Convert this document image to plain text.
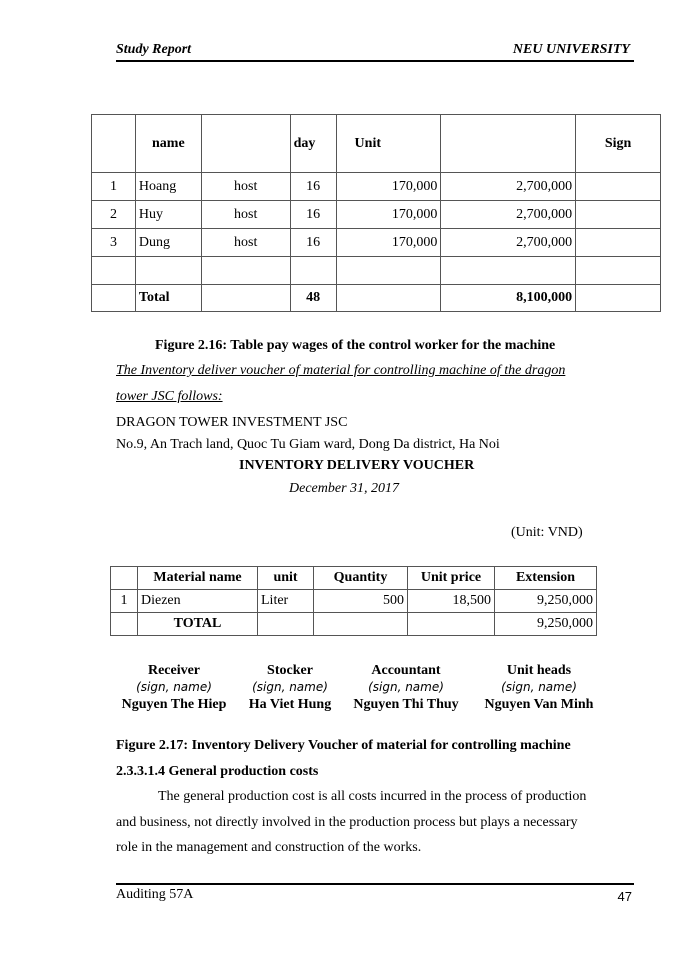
Study Report	NEU UNIVERSITY
	name		day	Unit		Sign
1	Hoang	host	16	170,000	2,700,000	
2	Huy	host	16	170,000	2,700,000	
3	Dung	host	16	170,000	2,700,000	

	Total		48		8,100,000	
Figure 2.16: Table pay wages of the control worker for the machine
The Inventory deliver voucher of material for controlling machine of the dragon
tower JSC follows:
DRAGON TOWER INVESTMENT JSC
No.9, An Trach land, Quoc Tu Giam ward, Dong Da district, Ha Noi
INVENTORY DELIVERY VOUCHER
December 31, 2017
(Unit: VND)
	Material name	unit	Quantity	Unit price	Extension
1	Diezen	Liter	500	18,500	9,250,000
	TOTAL				9,250,000
Receiver
(sign, name)
Nguyen The Hiep
Stocker
(sign, name)
Ha Viet Hung
Accountant
(sign, name)
Nguyen Thi Thuy
Unit heads
(sign, name)
Nguyen Van Minh
Figure 2.17: Inventory Delivery Voucher of material for controlling machine
2.3.3.1.4 General production costs
The general production cost is all costs incurred in the process of production
and business, not directly involved in the production process but plays a necessary
role in the management and construction of the works.
Auditing 57A	47
